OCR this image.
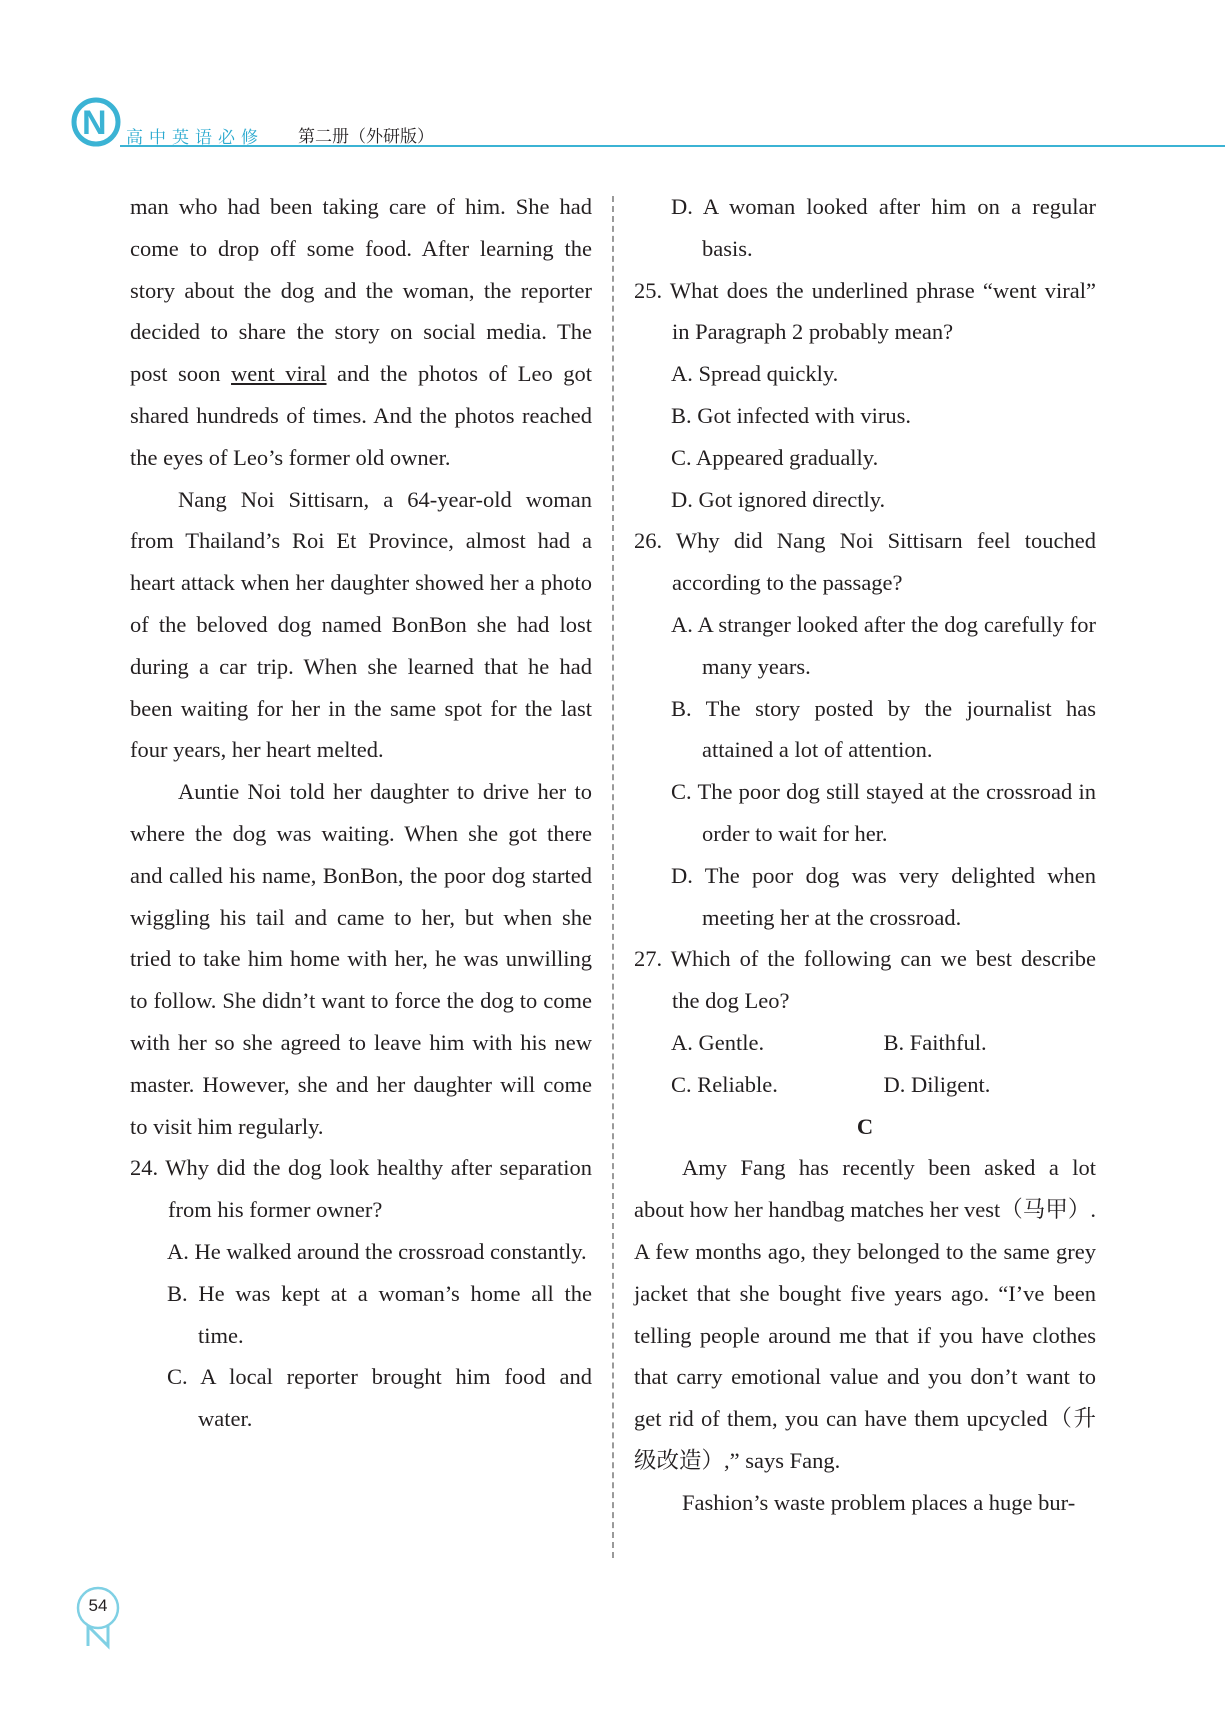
N 高中英语必修 第二册（外研版）

man who had been taking care of him. She had come to drop off some food. After learning the story about the dog and the woman, the reporter decided to share the story on social media. The post soon went viral and the photos of Leo got shared hundreds of times. And the photos reached the eyes of Leo’s former old owner.

Nang Noi Sittisarn, a 64-year-old woman from Thailand’s Roi Et Province, almost had a heart attack when her daughter showed her a photo of the beloved dog named BonBon she had lost during a car trip. When she learned that he had been waiting for her in the same spot for the last four years, her heart melted.

Auntie Noi told her daughter to drive her to where the dog was waiting. When she got there and called his name, BonBon, the poor dog started wiggling his tail and came to her, but when she tried to take him home with her, he was unwilling to follow. She didn’t want to force the dog to come with her so she agreed to leave him with his new master. However, she and her daughter will come to visit him regularly.

24. Why did the dog look healthy after separation from his former owner?

A. He walked around the crossroad constantly.

B. He was kept at a woman’s home all the time.

C. A local reporter brought him food and water.

D. A woman looked after him on a regular basis.

25. What does the underlined phrase “went viral” in Paragraph 2 probably mean?

A. Spread quickly.

B. Got infected with virus.

C. Appeared gradually.

D. Got ignored directly.

26. Why did Nang Noi Sittisarn feel touched according to the passage?

A. A stranger looked after the dog carefully for many years.

B. The story posted by the journalist has attained a lot of attention.

C. The poor dog still stayed at the crossroad in order to wait for her.

D. The poor dog was very delighted when meeting her at the crossroad.

27. Which of the following can we best describe the dog Leo?

A. Gentle.	B. Faithful.
C. Reliable.	D. Diligent.

C

Amy Fang has recently been asked a lot about how her handbag matches her vest（马甲）. A few months ago, they belonged to the same grey jacket that she bought five years ago. “I’ve been telling people around me that if you have clothes that carry emotional value and you don’t want to get rid of them, you can have them upcycled（升级改造）,” says Fang.

Fashion’s waste problem places a huge bur-

54
